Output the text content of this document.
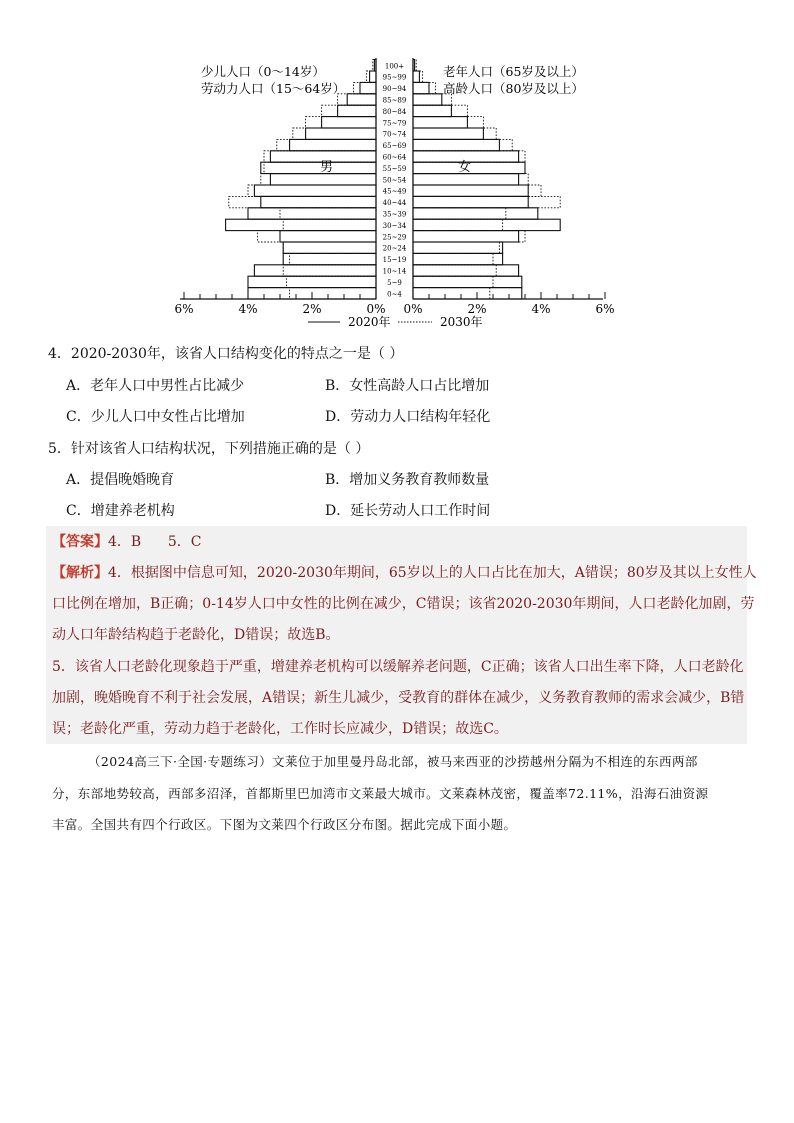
6%	4%	2%	0% 0%	2%	4%	6%
0~4
5~9
10~14
15~19
20~24
25~29
30~34
35~39
40~44
45~49
50~54
55~59
60~64
65~69
70~74
75~79
80~84
85~89
90~94
95~99
100+
少儿人口（0～14岁）
劳动力人口（15～64岁）
老年人口（65岁及以上）
高龄人口（80岁及以上）
男	女
2020年	2030年
4．2020-2030年，该省人口结构变化的特点之一是（ ）
A．老年人口中男性占比减少	B．女性高龄人口占比增加
C．少儿人口中女性占比增加	D．劳动力人口结构年轻化
5．针对该省人口结构状况，下列措施正确的是（ ）
A．提倡晚婚晚育	B．增加义务教育教师数量
C．增建养老机构	D．延长劳动人口工作时间
【答案】4．B      5．C
【解析】4．根据图中信息可知，2020-2030年期间，65岁以上的人口占比在加大，A错误；80岁及其以上女性人
口比例在增加，B正确；0-14岁人口中女性的比例在减少，C错误；该省2020-2030年期间，人口老龄化加剧，劳
动人口年龄结构趋于老龄化，D错误；故选B。
5．该省人口老龄化现象趋于严重，增建养老机构可以缓解养老问题，C正确；该省人口出生率下降，人口老龄化
加剧，晚婚晚育不利于社会发展，A错误；新生儿减少，受教育的群体在减少，义务教育教师的需求会减少，B错
误；老龄化严重，劳动力趋于老龄化，工作时长应减少，D错误；故选C。
（2024高三下·全国·专题练习）文莱位于加里曼丹岛北部，被马来西亚的沙捞越州分隔为不相连的东西两部
分，东部地势较高，西部多沼泽，首都斯里巴加湾市文莱最大城市。文莱森林茂密，覆盖率72.11%，沿海石油资源
丰富。全国共有四个行政区。下图为文莱四个行政区分布图。据此完成下面小题。
